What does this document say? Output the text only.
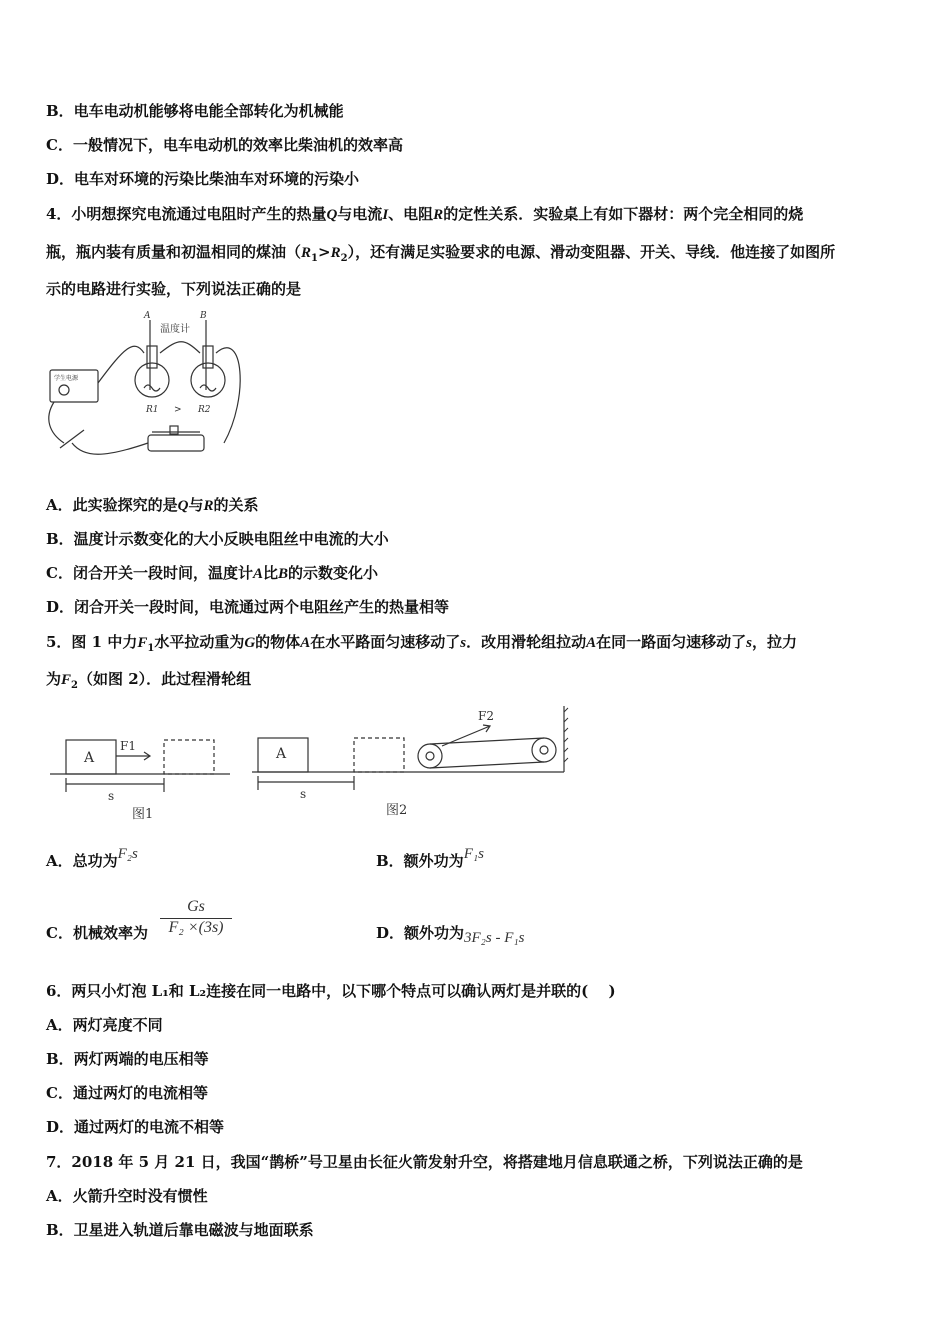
B．电车电动机能够将电能全部转化为机械能
C．一般情况下，电车电动机的效率比柴油机的效率高
D．电车对环境的污染比柴油车对环境的污染小
4．小明想探究电流通过电阻时产生的热量Q与电流I、电阻R的定性关系．实验桌上有如下器材：两个完全相同的烧
瓶，瓶内装有质量和初温相同的煤油$(R_1>R_2)$，还有满足实验要求的电源、滑动变阻器、开关、导线．他连接了如图所
示的电路进行实验，下列说法正确的是
A	B
温度计
学生电源
R1 > R2
A．此实验探究的是Q与R的关系
B．温度计示数变化的大小反映电阻丝中电流的大小
C．闭合开关一段时间，温度计A比B的示数变化小
D．闭合开关一段时间，电流通过两个电阻丝产生的热量相等
5．图 1 中力$F_1$水平拉动重为G的物体A在水平路面匀速移动了s．改用滑轮组拉动A在同一路面匀速移动了s，拉力
为$F_2$（如图 2）．此过程滑轮组
A
F1
s
图1
A
F2
s
图2
A．总功为F₂s	B．额外功为F₁s
C．机械效率为 $\frac{Gs}{\text{F₂ ×(3s)}}$	D．额外功为3F₂s - F₁s
6．两只小灯泡 L₁和 L₂连接在同一电路中，以下哪个特点可以确认两灯是并联的(　 )
A．两灯亮度不同
B．两灯两端的电压相等
C．通过两灯的电流相等
D．通过两灯的电流不相等
7．2018 年 5 月 21 日，我国“鹊桥”号卫星由长征火箭发射升空，将搭建地月信息联通之桥，下列说法正确的是
A．火箭升空时没有惯性
B．卫星进入轨道后靠电磁波与地面联系
